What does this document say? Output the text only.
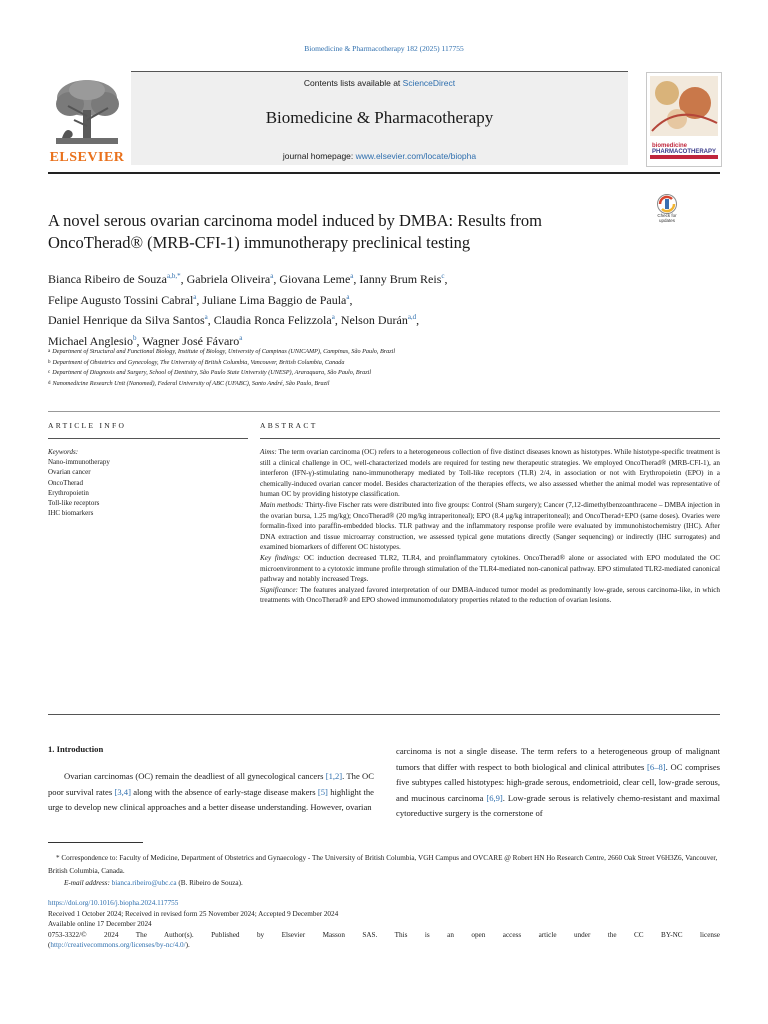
Biomedicine & Pharmacotherapy 182 (2025) 117755
Contents lists available at ScienceDirect
Biomedicine & Pharmacotherapy
journal homepage: www.elsevier.com/locate/biopha
ELSEVIER
biomedicine
PHARMACOTHERAPY
Check for
updates
A novel serous ovarian carcinoma model induced by DMBA: Results from OncoTherad® (MRB-CFI-1) immunotherapy preclinical testing
Bianca Ribeiro de Souza$^{a,b,*}$, Gabriela Oliveira$^a$, Giovana Leme$^a$, Ianny Brum Reis$^c$,
Felipe Augusto Tossini Cabral$^a$, Juliane Lima Baggio de Paula$^a$,
Daniel Henrique da Silva Santos$^a$, Claudia Ronca Felizzola$^a$, Nelson Durán$^{a,d}$,
Michael Anglesio$^b$, Wagner José Fávaro$^a$
$^a$ Department of Structural and Functional Biology, Institute of Biology, University of Campinas (UNICAMP), Campinas, São Paulo, Brazil
$^b$ Department of Obstetrics and Gynecology, The University of British Columbia, Vancouver, British Columbia, Canada
$^c$ Department of Diagnosis and Surgery, School of Dentistry, São Paulo State University (UNESP), Araraquara, São Paulo, Brazil
$^d$ Nanomedicine Research Unit (Nanomed), Federal University of ABC (UFABC), Santo André, São Paulo, Brazil
ARTICLE INFO	ABSTRACT
Keywords:
Nano-immunotherapy
Ovarian cancer
OncoTherad
Erythropoietin
Toll-like receptors
IHC biomarkers

Aims: The term ovarian carcinoma (OC) refers to a heterogeneous collection of five distinct diseases known as histotypes. While histotype-specific treatment is still a clinical challenge in OC, well-characterized models are required for testing new therapeutic strategies. We employed OncoTherad® (MRB-CFI-1), an interferon (IFN-γ)-stimulating nano-immunotherapy mediated by Toll-like receptors (TLR) 2/4, in association or not with Erythropoietin (EPO) in a chemically-induced ovarian cancer model. Besides characterization of the therapies effects, we also assessed whether the animal model was representative of human OC by providing histotype classification.

Main methods: Thirty-five Fischer rats were distributed into five groups: Control (Sham surgery); Cancer (7,12-dimethylbenzoanthracene – DMBA injection in the ovarian bursa, 1.25 mg/kg); OncoTherad® (20 mg/kg intraperitoneal); EPO (8.4 μg/kg intraperitoneal); and OncoTherad+EPO (same doses). Ovaries were formalin-fixed into paraffin-embedded blocks. TLR pathway and the inflammatory response profile were evaluated by immunohistochemistry (IHC). After DNA extraction and tissue microarray construction, we assessed typical gene mutations directly (Sanger sequencing) or indirectly (IHC surrogates) and examined biomarkers of different OC histotypes.

Key findings: OC induction decreased TLR2, TLR4, and proinflammatory cytokines. OncoTherad® alone or associated with EPO modulated the OC microenvironment to a cytotoxic immune profile through stimulation of the TLR4-mediated non-canonical pathway. EPO stimulated TLR2-mediated canonical pathway and notably increased Tregs.

Significance: The features analyzed favored interpretation of our DMBA-induced tumor model as predominantly low-grade, serous carcinoma-like, in which treatments with OncoTherad® and EPO showed immunomodulatory properties related to the reduction of ovarian lesions.

1. Introduction

Ovarian carcinomas (OC) remain the deadliest of all gynecological cancers [1,2]. The OC poor survival rates [3,4] along with the absence of early-stage disease makers [5] highlight the urge to develop new clinical approaches and a better disease understanding. However, ovarian

carcinoma is not a single disease. The term refers to a heterogeneous group of malignant tumors that differ with respect to both biological and clinical attributes [6–8]. OC comprises five subtypes called histotypes: high-grade serous, endometrioid, clear cell, low-grade serous, and mucinous carcinoma [6,9]. Low-grade serous is relatively chemo-resistant and maximal cytoreductive surgery is the cornerstone of

* Correspondence to: Faculty of Medicine, Department of Obstetrics and Gynaecology - The University of British Columbia, VGH Campus and OVCARE @ Robert HN Ho Research Centre, 2660 Oak Street V6H3Z6, Vancouver, British Columbia, Canada.
E-mail address: bianca.ribeiro@ubc.ca (B. Ribeiro de Souza).
https://doi.org/10.1016/j.biopha.2024.117755
Received 1 October 2024; Received in revised form 25 November 2024; Accepted 9 December 2024
Available online 17 December 2024
0753-3322/© 2024 The Author(s). Published by Elsevier Masson SAS. This is an open access article under the CC BY-NC license
(http://creativecommons.org/licenses/by-nc/4.0/).
